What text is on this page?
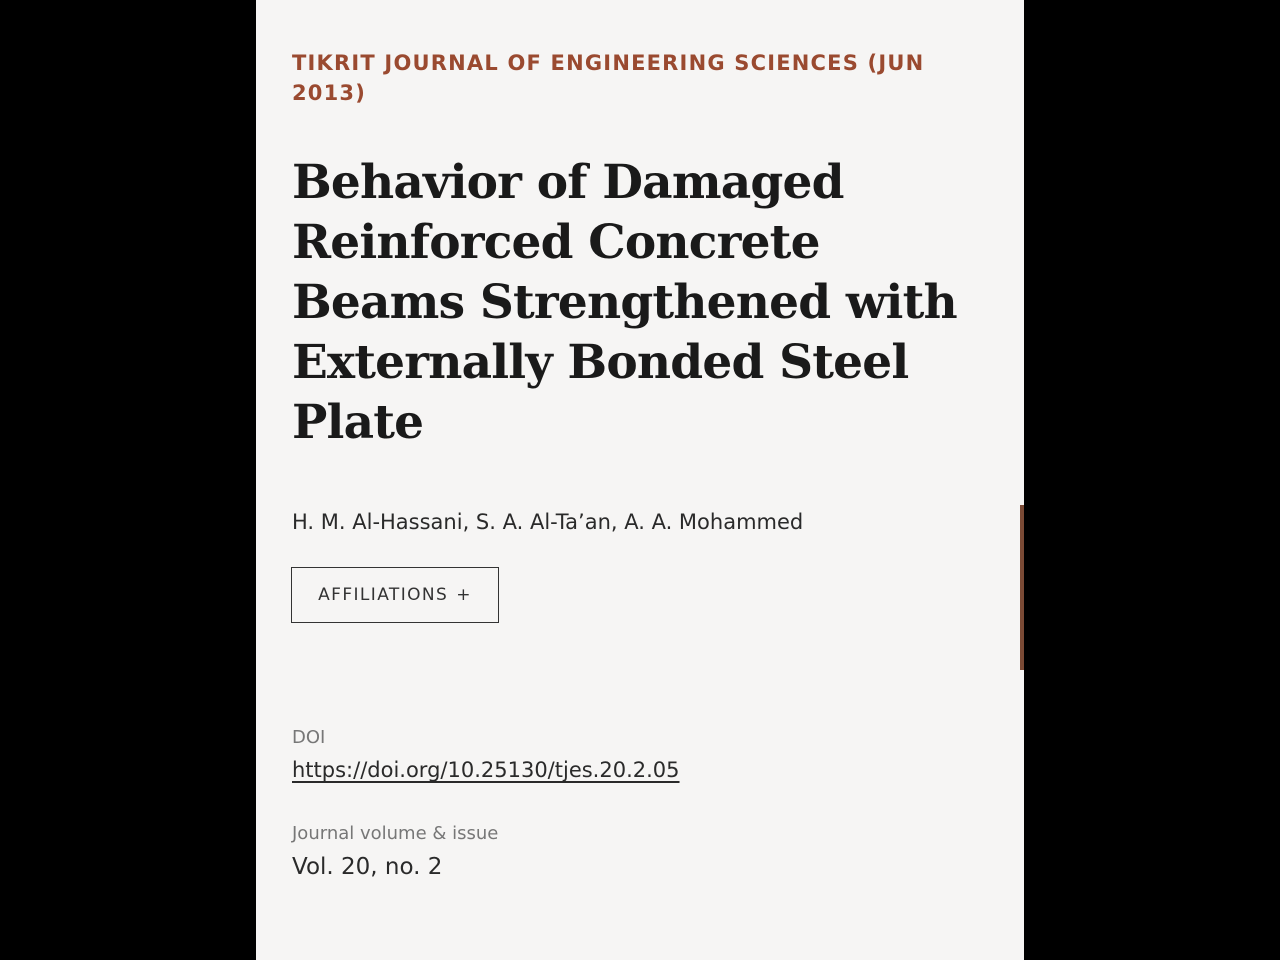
TIKRIT JOURNAL OF ENGINEERING SCIENCES (JUN 2013)
Behavior of Damaged Reinforced Concrete Beams Strengthened with Externally Bonded Steel Plate
H. M. Al-Hassani, S. A. Al-Ta’an, A. A. Mohammed
AFFILIATIONS +
DOI
https://doi.org/10.25130/tjes.20.2.05
Journal volume & issue
Vol. 20, no. 2
